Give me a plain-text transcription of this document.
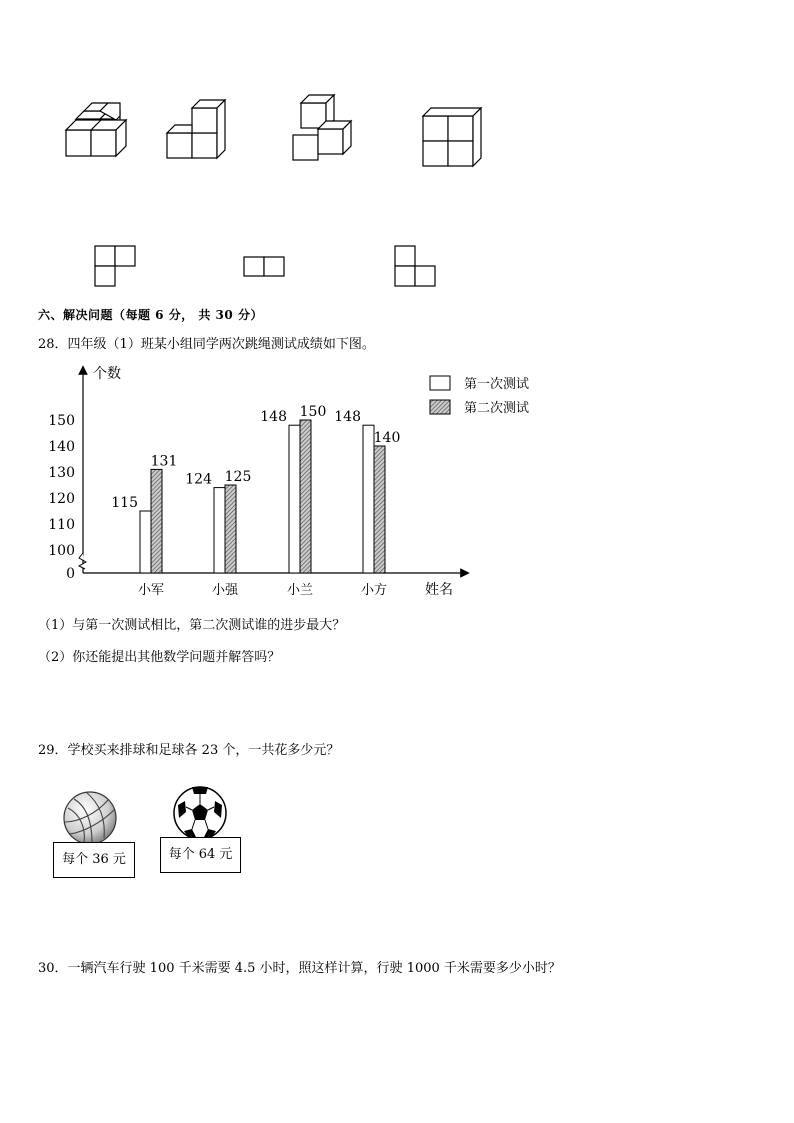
六、解决问题（每题 6 分， 共 30 分）
28．四年级（1）班某小组同学两次跳绳测试成绩如下图。
个数
姓名
0
100
110
120
130
140
150
115
131
小军
124 125
小强
148 150
小兰
148
140
小方
第一次测试
第二次测试
（1）与第一次测试相比，第二次测试谁的进步最大？
（2）你还能提出其他数学问题并解答吗？
29．学校买来排球和足球各 23 个，一共花多少元？
每个 36 元	每个 64 元
30．一辆汽车行驶 100 千米需要 4.5 小时，照这样计算，行驶 1000 千米需要多少小时？
